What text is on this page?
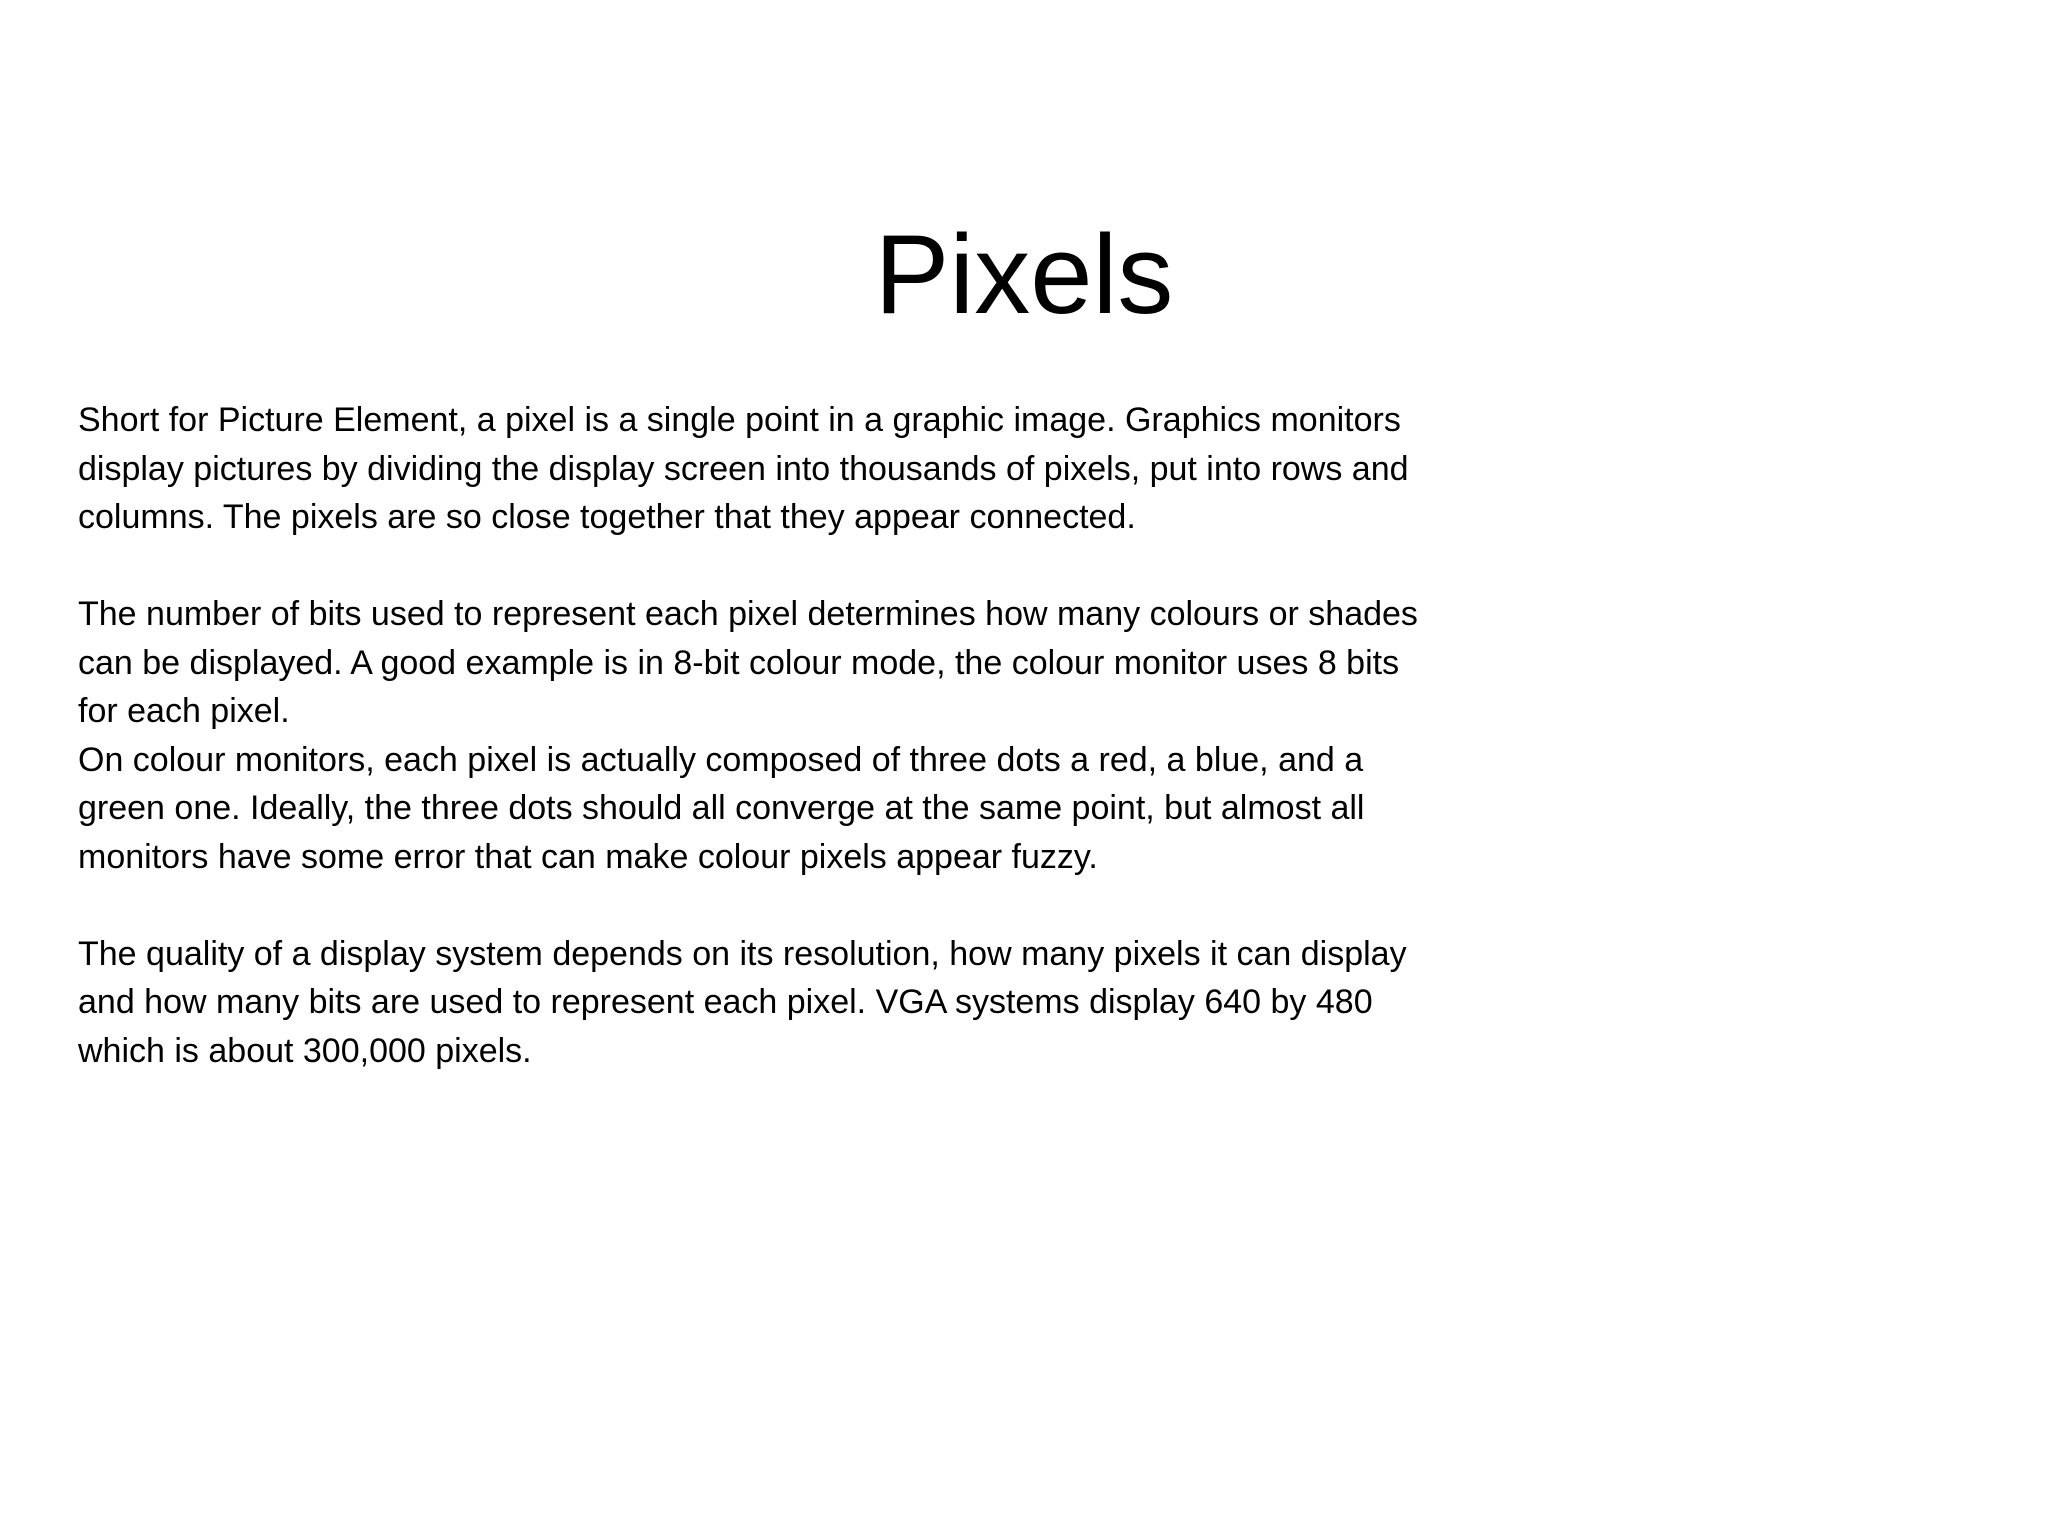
Pixels
Short for Picture Element, a pixel is a single point in a graphic image. Graphics monitors
display pictures by dividing the display screen into thousands of pixels, put into rows and
columns. The pixels are so close together that they appear connected.
The number of bits used to represent each pixel determines how many colours or shades
can be displayed. A good example is in 8-bit colour mode, the colour monitor uses 8 bits
for each pixel.
On colour monitors, each pixel is actually composed of three dots a red, a blue, and a
green one. Ideally, the three dots should all converge at the same point, but almost all
monitors have some error that can make colour pixels appear fuzzy.
The quality of a display system depends on its resolution, how many pixels it can display
and how many bits are used to represent each pixel. VGA systems display 640 by 480
which is about 300,000 pixels.
